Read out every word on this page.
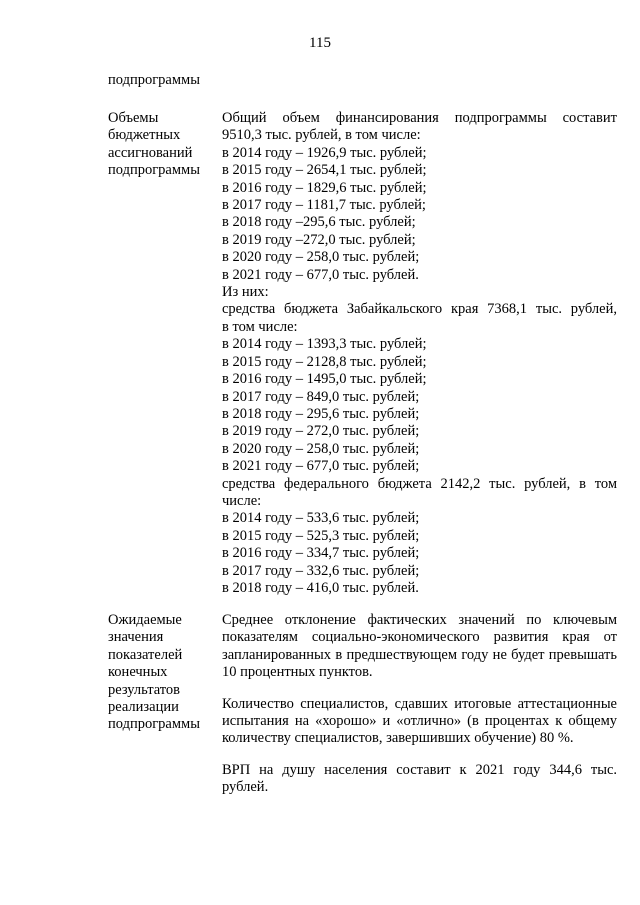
115
подпрограммы
Объемы
бюджетных
ассигнований
подпрограммы
Общий объем финансирования подпрограммы составит
9510,3 тыс. рублей, в том числе:
в 2014 году – 1926,9 тыс. рублей;
в 2015 году – 2654,1 тыс. рублей;
в 2016 году – 1829,6 тыс. рублей;
в 2017 году – 1181,7 тыс. рублей;
в 2018 году –295,6 тыс. рублей;
в 2019 году –272,0 тыс. рублей;
в 2020 году – 258,0 тыс. рублей;
в 2021 году – 677,0 тыс. рублей.
Из них:
средства бюджета Забайкальского края 7368,1 тыс. рублей,
в том числе:
в 2014 году – 1393,3 тыс. рублей;
в 2015 году – 2128,8 тыс. рублей;
в 2016 году – 1495,0 тыс. рублей;
в 2017 году – 849,0 тыс. рублей;
в 2018 году – 295,6 тыс. рублей;
в 2019 году – 272,0 тыс. рублей;
в 2020 году – 258,0 тыс. рублей;
в 2021 году – 677,0 тыс. рублей;
средства федерального бюджета 2142,2 тыс. рублей, в том
числе:
в 2014 году – 533,6 тыс. рублей;
в 2015 году – 525,3 тыс. рублей;
в 2016 году – 334,7 тыс. рублей;
в 2017 году – 332,6 тыс. рублей;
в 2018 году – 416,0 тыс. рублей.
Ожидаемые
значения
показателей
конечных
результатов
реализации
подпрограммы

Среднее отклонение фактических значений по ключевым показателям социально-экономического развития края от запланированных в предшествующем году не будет превышать 10 процентных пунктов.

Количество специалистов, сдавших итоговые аттестационные испытания на «хорошо» и «отлично» (в процентах к общему количеству специалистов, завершивших обучение) 80 %.

ВРП на душу населения составит к 2021 году 344,6 тыс. рублей.
